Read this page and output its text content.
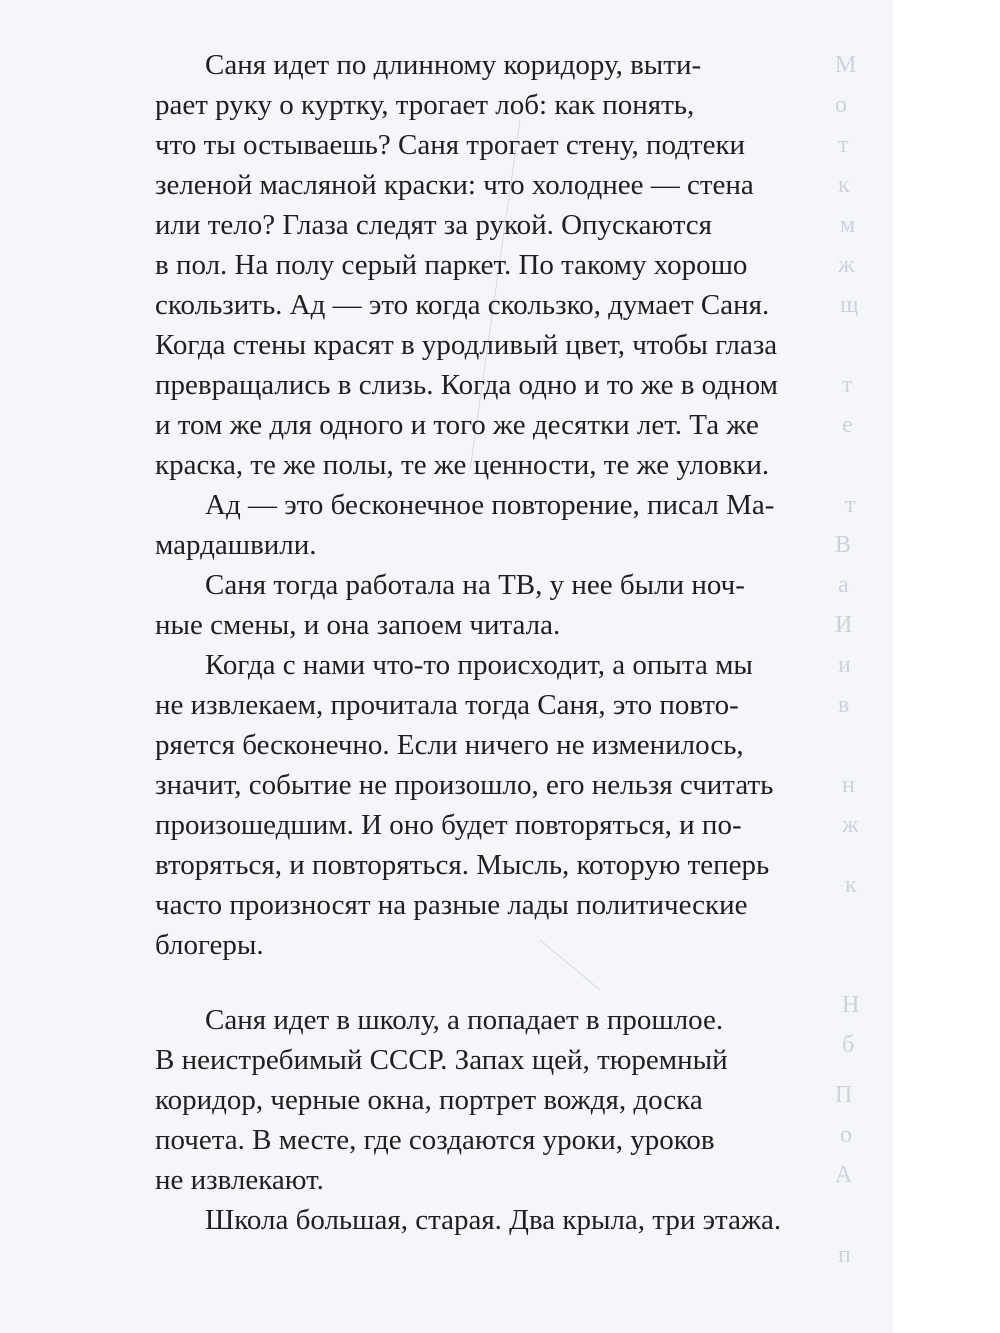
М
о
т
к
м
ж
щ
т
е
т
В
а
И
и
в
н
ж
к
Н
б
П
о
А
п
Саня идет по длинному коридору, выти-
рает руку о куртку, трогает лоб: как понять,
что ты остываешь? Саня трогает стену, подтеки
зеленой масляной краски: что холоднее — стена
или тело? Глаза следят за рукой. Опускаются
в пол. На полу серый паркет. По такому хорошо
скользить. Ад — это когда скользко, думает Саня.
Когда стены красят в уродливый цвет, чтобы глаза
превращались в слизь. Когда одно и то же в одном
и том же для одного и того же десятки лет. Та же
краска, те же полы, те же ценности, те же уловки.
Ад — это бесконечное повторение, писал Ма-
мардашвили.
Саня тогда работала на ТВ, у нее были ноч-
ные смены, и она запоем читала.
Когда с нами что-то происходит, а опыта мы
не извлекаем, прочитала тогда Саня, это повто-
ряется бесконечно. Если ничего не изменилось,
значит, событие не произошло, его нельзя считать
произошедшим. И оно будет повторяться, и по-
вторяться, и повторяться. Мысль, которую теперь
часто произносят на разные лады политические
блогеры.
Саня идет в школу, а попадает в прошлое.
В неистребимый СССР. Запах щей, тюремный
коридор, черные окна, портрет вождя, доска
почета. В месте, где создаются уроки, уроков
не извлекают.
Школа большая, старая. Два крыла, три этажа.
